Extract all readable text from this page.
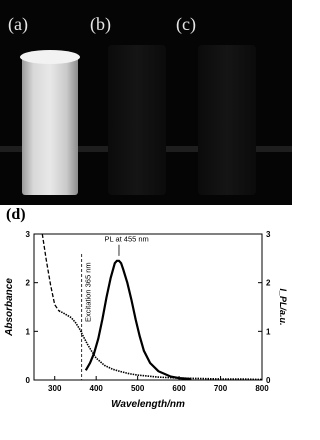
(a)	(b)	(c)
(d)
300	400	500	600	700	800
0	0
1	1
2	2
3	3
Excitation 365 nm
PL at 455 nm
Wavelength/nm
Absorbance	I_PL/a.u.
